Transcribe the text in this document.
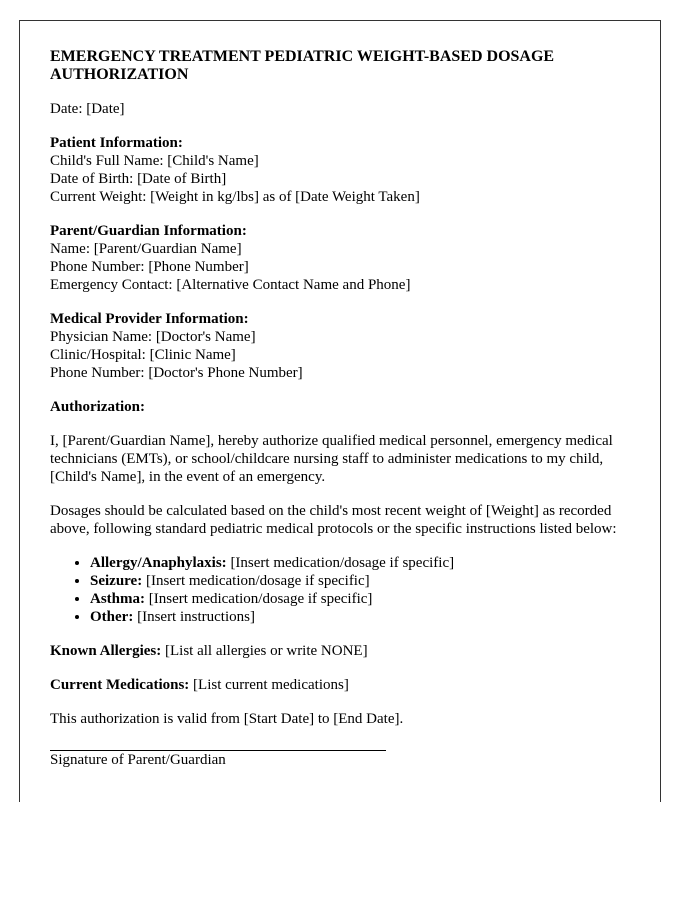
EMERGENCY TREATMENT PEDIATRIC WEIGHT-BASED DOSAGE AUTHORIZATION

Date: [Date]

Patient Information:
Child's Full Name: [Child's Name]
Date of Birth: [Date of Birth]
Current Weight: [Weight in kg/lbs] as of [Date Weight Taken]
Parent/Guardian Information:
Name: [Parent/Guardian Name]
Phone Number: [Phone Number]
Emergency Contact: [Alternative Contact Name and Phone]
Medical Provider Information:
Physician Name: [Doctor's Name]
Clinic/Hospital: [Clinic Name]
Phone Number: [Doctor's Phone Number]

Authorization:

I, [Parent/Guardian Name], hereby authorize qualified medical personnel, emergency medical technicians (EMTs), or school/childcare nursing staff to administer medications to my child, [Child's Name], in the event of an emergency.

Dosages should be calculated based on the child's most recent weight of [Weight] as recorded above, following standard pediatric medical protocols or the specific instructions listed below:

• Allergy/Anaphylaxis: [Insert medication/dosage if specific]
• Seizure: [Insert medication/dosage if specific]
• Asthma: [Insert medication/dosage if specific]
• Other: [Insert instructions]

Known Allergies: [List all allergies or write NONE]

Current Medications: [List current medications]

This authorization is valid from [Start Date] to [End Date].

Signature of Parent/Guardian
